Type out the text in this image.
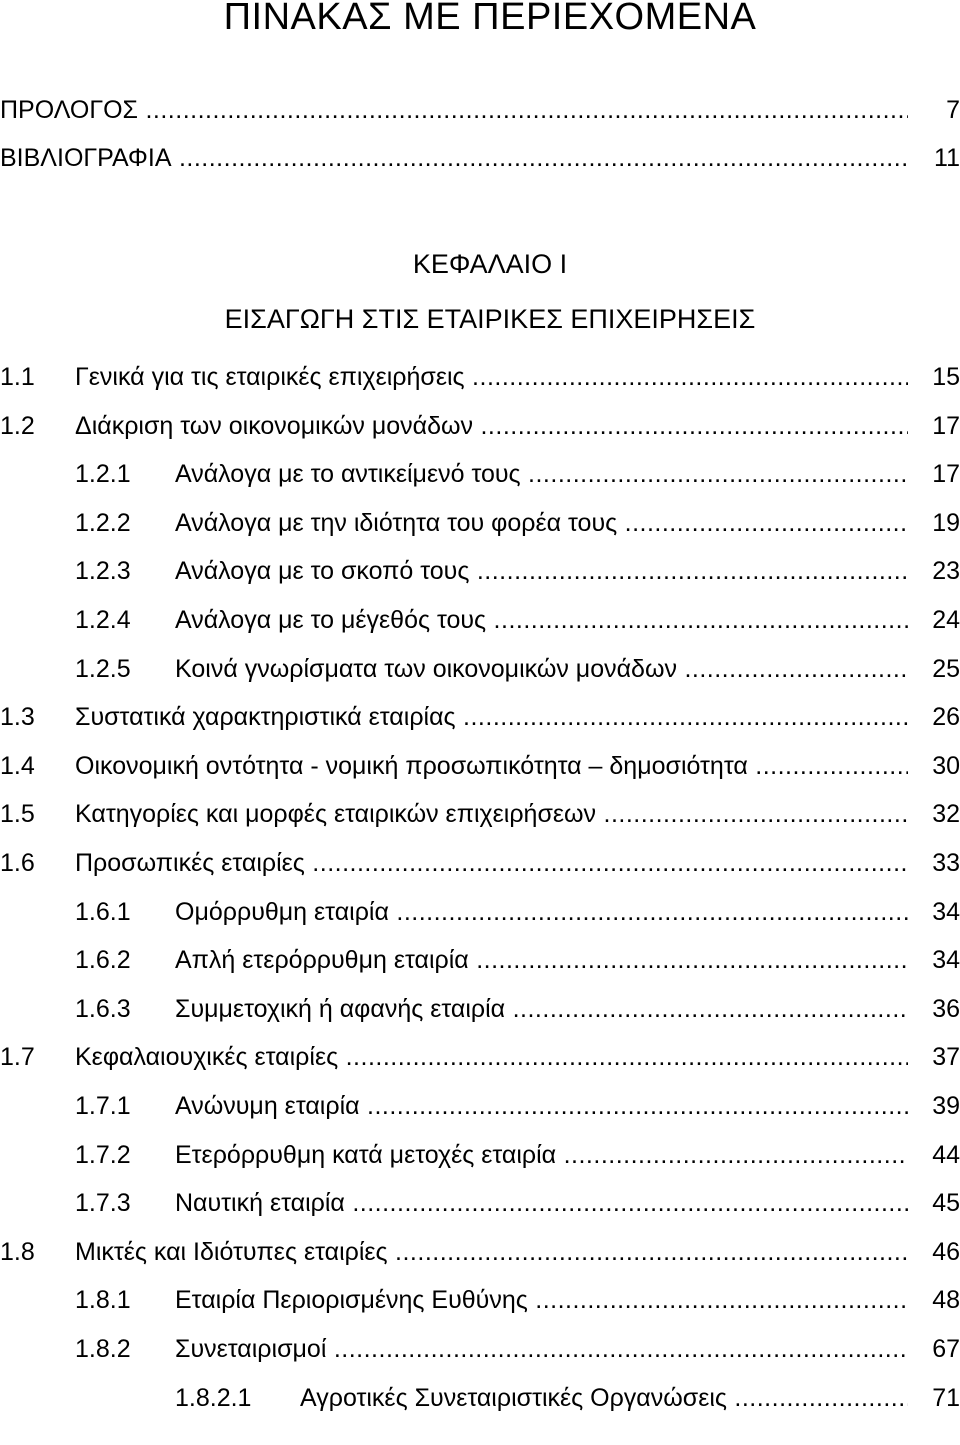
ΠΙΝΑΚΑΣ ΜΕ ΠΕΡΙΕΧΟΜΕΝΑ
ΠΡΟΛΟΓΟΣ .....	7
ΒΙΒΛΙΟΓΡΑΦΙΑ .....	11
ΚΕΦΑΛΑΙΟ Ι
ΕΙΣΑΓΩΓΗ ΣΤΙΣ ΕΤΑΙΡΙΚΕΣ ΕΠΙΧΕΙΡΗΣΕΙΣ
1.1 Γενικά για τις εταιρικές επιχειρήσεις .....	15
1.2 Διάκριση των οικονομικών μονάδων .....	17
1.2.1 Ανάλογα με το αντικείμενό τους .....	17
1.2.2 Ανάλογα με την ιδιότητα του φορέα τους .....	19
1.2.3 Ανάλογα με το σκοπό τους .....	23
1.2.4 Ανάλογα με το μέγεθός τους .....	24
1.2.5 Κοινά γνωρίσματα των οικονομικών μονάδων .....	25
1.3 Συστατικά χαρακτηριστικά εταιρίας .....	26
1.4 Οικονομική οντότητα - νομική προσωπικότητα – δημοσιότητα .....	30
1.5 Κατηγορίες και μορφές εταιρικών επιχειρήσεων .....	32
1.6 Προσωπικές εταιρίες .....	33
1.6.1 Ομόρρυθμη εταιρία .....	34
1.6.2 Απλή ετερόρρυθμη εταιρία .....	34
1.6.3 Συμμετοχική ή αφανής εταιρία .....	36
1.7 Κεφαλαιουχικές εταιρίες .....	37
1.7.1 Ανώνυμη εταιρία .....	39
1.7.2 Ετερόρρυθμη κατά μετοχές εταιρία .....	44
1.7.3 Ναυτική εταιρία .....	45
1.8 Μικτές και Ιδιότυπες εταιρίες .....	46
1.8.1 Εταιρία Περιορισμένης Ευθύνης .....	48
1.8.2 Συνεταιρισμοί .....	67
1.8.2.1 Αγροτικές Συνεταιριστικές Οργανώσεις .....	71
